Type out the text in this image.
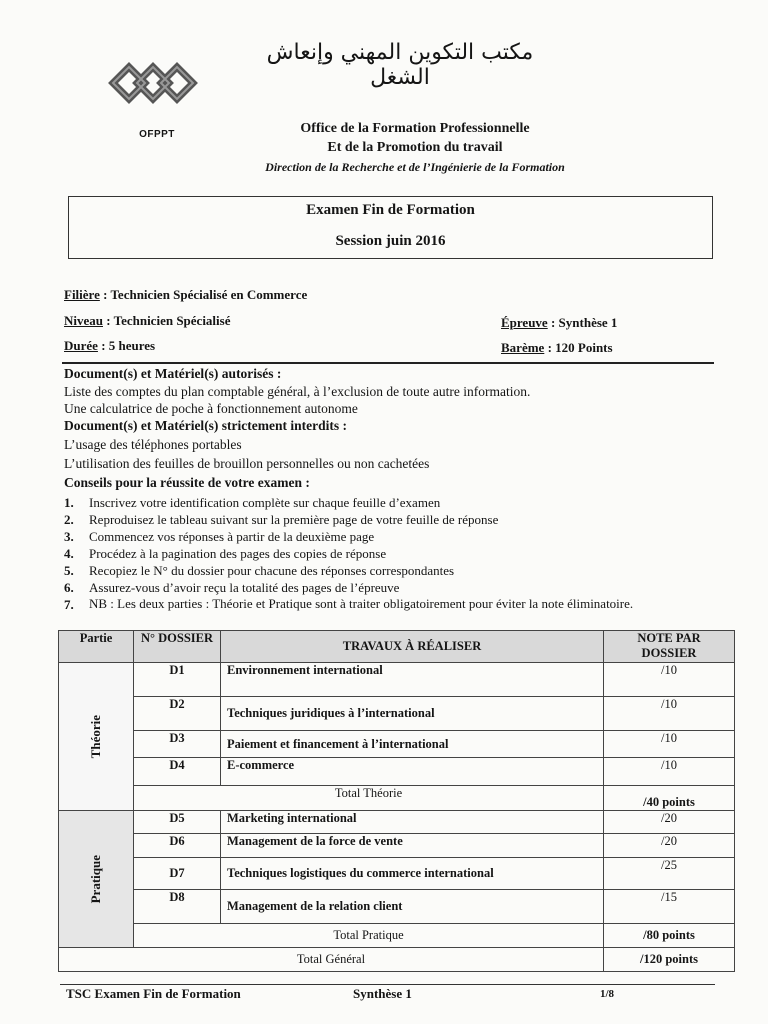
OFPPT
مكتب التكوين المهني وإنعاش الشغل
Office de la Formation Professionnelle
Et de la Promotion du travail
Direction de la Recherche et de l’Ingénierie de la Formation
Examen Fin de Formation
Session juin 2016
Filière : Technicien Spécialisé en Commerce
Niveau : Technicien Spécialisé
Durée : 5 heures
Épreuve : Synthèse 1
Barème : 120 Points
Document(s) et Matériel(s) autorisés :
Liste des comptes du plan comptable général, à l’exclusion de toute autre information.
Une calculatrice de poche à fonctionnement autonome
Document(s) et Matériel(s) strictement interdits :
L’usage des téléphones portables
L’utilisation des feuilles de brouillon personnelles ou non cachetées
Conseils pour la réussite de votre examen :
1.	Inscrivez votre identification complète sur chaque feuille d’examen
2.	Reproduisez le tableau suivant sur la première page de votre feuille de réponse
3.	Commencez vos réponses à partir de la deuxième page
4.	Procédez à la pagination des pages des copies de réponse
5.	Recopiez le N° du dossier pour chacune des réponses correspondantes
6.	Assurez-vous d’avoir reçu la totalité des pages de l’épreuve
7.	NB : Les deux parties : Théorie et Pratique sont à traiter obligatoirement pour éviter la note éliminatoire.
Partie	N° DOSSIER	TRAVAUX À RÉALISER	NOTE PAR DOSSIER

Théorie	D1	Environnement international	/10
	D2	Techniques juridiques à l’international	/10
	D3	Paiement et financement à l’international	/10
	D4	E-commerce	/10
	Total Théorie		/40 points

Pratique	D5	Marketing international	/20
	D6	Management de la force de vente	/20
	D7	Techniques logistiques du commerce international	/25
	D8	Management de la relation client	/15
	Total Pratique		/80 points
Total Général			/120 points
TSC Examen Fin de Formation	Synthèse 1	1/8
